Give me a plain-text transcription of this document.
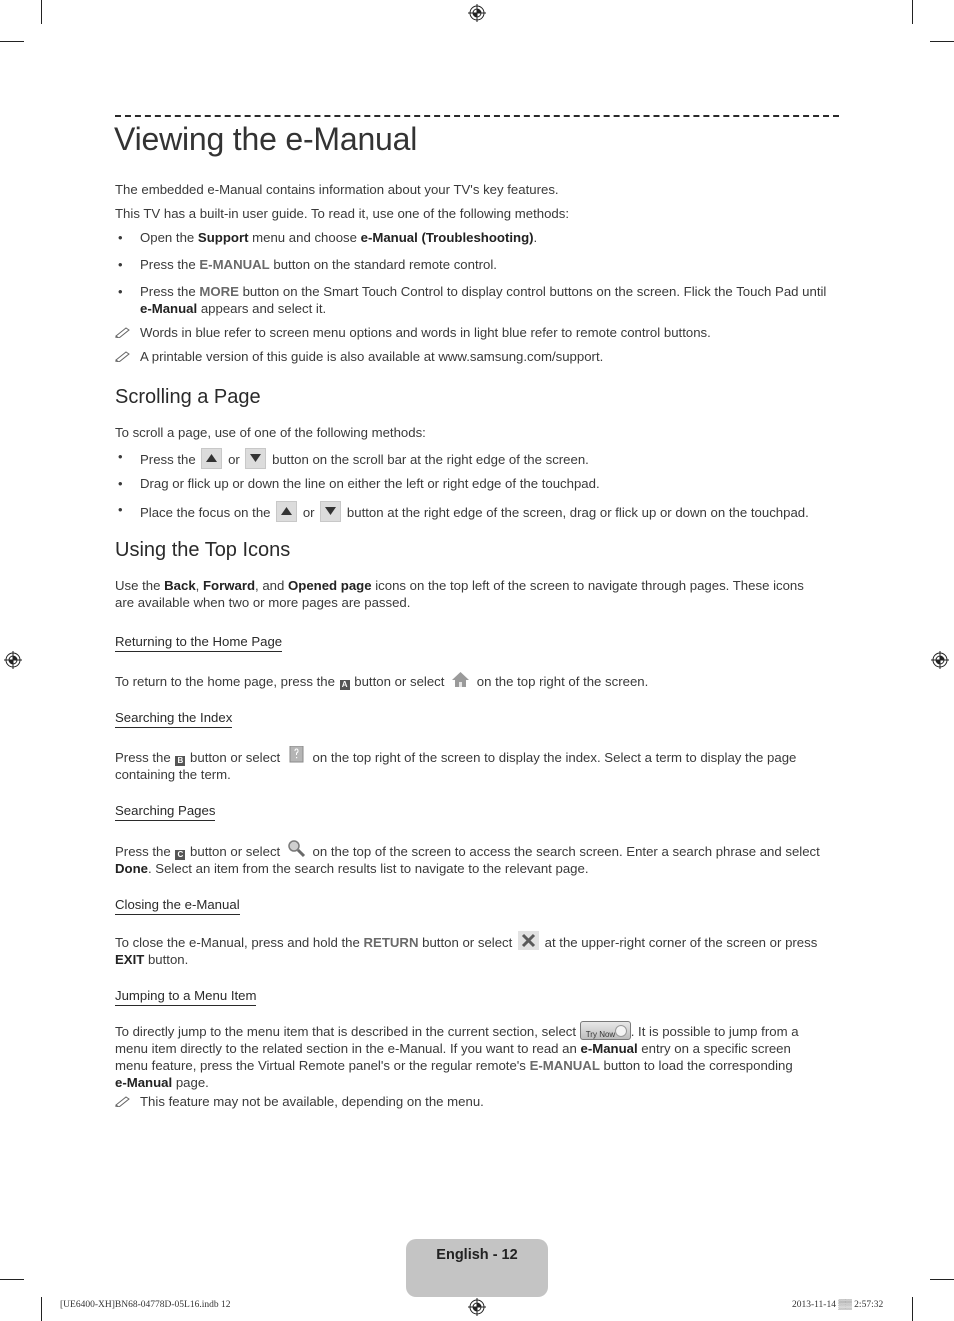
Viewing the e-Manual

The embedded e-Manual contains information about your TV's key features.

This TV has a built-in user guide. To read it, use one of the following methods:

• Open the Support menu and choose e-Manual (Troubleshooting).

• Press the E-MANUAL button on the standard remote control.

• Press the MORE button on the Smart Touch Control to display control buttons on the screen. Flick the Touch Pad until e-Manual appears and select it.

Words in blue refer to screen menu options and words in light blue refer to remote control buttons.

A printable version of this guide is also available at www.samsung.com/support.

Scrolling a Page

To scroll a page, use of one of the following methods:

• Press the or button on the scroll bar at the right edge of the screen.

• Drag or flick up or down the line on either the left or right edge of the touchpad.

• Place the focus on the or button at the right edge of the screen, drag or flick up or down on the touchpad.

Using the Top Icons

Use the Back, Forward, and Opened page icons on the top left of the screen to navigate through pages. These icons
are available when two or more pages are passed.

Returning to the Home Page

To return to the home page, press the A button or select  on the top right of the screen.

Searching the Index

Press the B button or select  on the top right of the screen to display the index. Select a term to display the page
containing the term.

Searching Pages

Press the C button or select  on the top of the screen to access the search screen. Enter a search phrase and select
Done. Select an item from the search results list to navigate to the relevant page.

Closing the e-Manual

To close the e-Manual, press and hold the RETURN button or select  at the upper-right corner of the screen or press
EXIT button.

Jumping to a Menu Item

To directly jump to the menu item that is described in the current section, select Try Now . It is possible to jump from a
menu item directly to the related section in the e-Manual. If you want to read an e-Manual entry on a specific screen
menu feature, press the Virtual Remote panel's or the regular remote's E-MANUAL button to load the corresponding
e-Manual page.

This feature may not be available, depending on the menu.

English - 12
[UE6400-XH]BN68-04778D-05L16.indb 12	2013-11-14 ▒▒ 2:57:32
